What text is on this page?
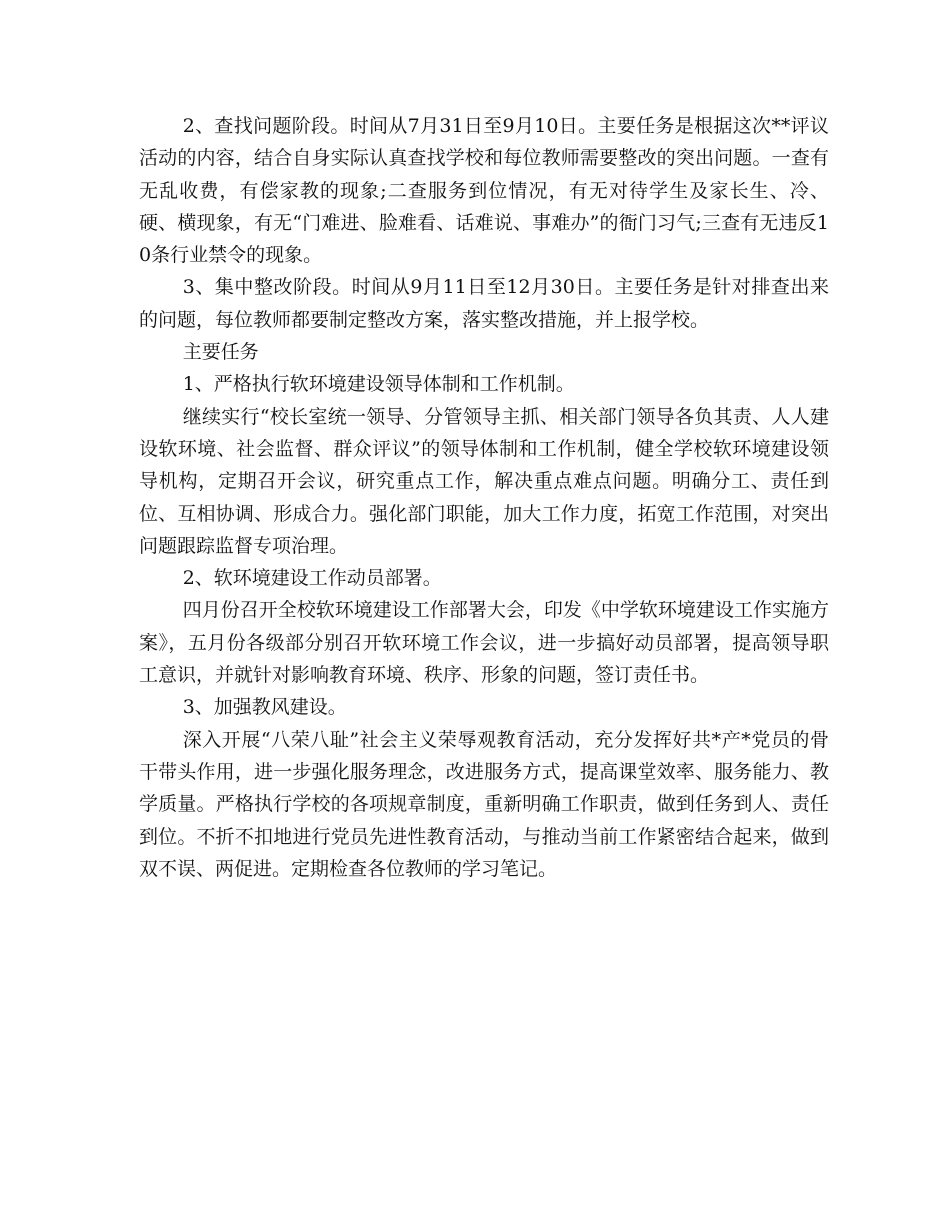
2、查找问题阶段。时间从7月31日至9月10日。主要任务是根据这次**评议活动的内容，结合自身实际认真查找学校和每位教师需要整改的突出问题。一查有无乱收费，有偿家教的现象;二查服务到位情况，有无对待学生及家长生、冷、硬、横现象，有无“门难进、脸难看、话难说、事难办”的衙门习气;三查有无违反10条行业禁令的现象。

3、集中整改阶段。时间从9月11日至12月30日。主要任务是针对排查出来的问题，每位教师都要制定整改方案，落实整改措施，并上报学校。

主要任务

1、严格执行软环境建设领导体制和工作机制。

继续实行“校长室统一领导、分管领导主抓、相关部门领导各负其责、人人建设软环境、社会监督、群众评议”的领导体制和工作机制，健全学校软环境建设领导机构，定期召开会议，研究重点工作，解决重点难点问题。明确分工、责任到位、互相协调、形成合力。强化部门职能，加大工作力度，拓宽工作范围，对突出问题跟踪监督专项治理。

2、软环境建设工作动员部署。

四月份召开全校软环境建设工作部署大会，印发《中学软环境建设工作实施方案》，五月份各级部分别召开软环境工作会议，进一步搞好动员部署，提高领导职工意识，并就针对影响教育环境、秩序、形象的问题，签订责任书。

3、加强教风建设。

深入开展“八荣八耻”社会主义荣辱观教育活动，充分发挥好共*产*党员的骨干带头作用，进一步强化服务理念，改进服务方式，提高课堂效率、服务能力、教学质量。严格执行学校的各项规章制度，重新明确工作职责，做到任务到人、责任到位。不折不扣地进行党员先进性教育活动，与推动当前工作紧密结合起来，做到双不误、两促进。定期检查各位教师的学习笔记。
